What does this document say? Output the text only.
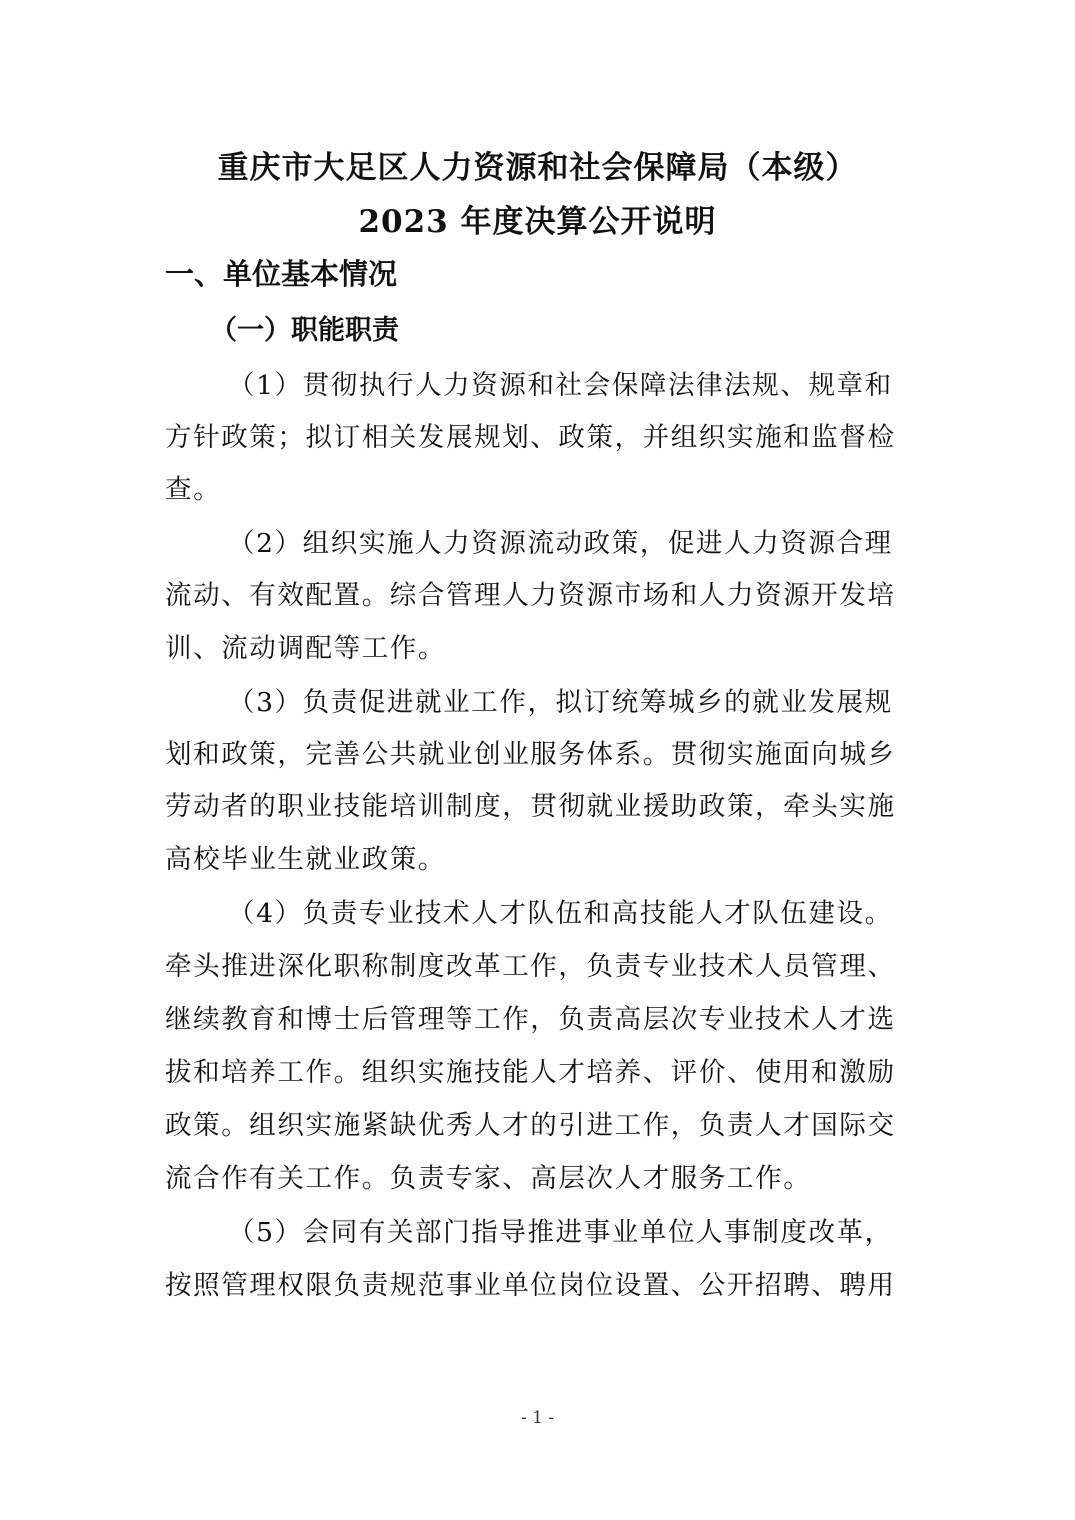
重庆市大足区人力资源和社会保障局（本级）
2023 年度决算公开说明
一、单位基本情况
（一）职能职责
（1）贯彻执行人力资源和社会保障法律法规、规章和
方针政策；拟订相关发展规划、政策，并组织实施和监督检
查。
（2）组织实施人力资源流动政策，促进人力资源合理
流动、有效配置。综合管理人力资源市场和人力资源开发培
训、流动调配等工作。
（3）负责促进就业工作，拟订统筹城乡的就业发展规
划和政策，完善公共就业创业服务体系。贯彻实施面向城乡
劳动者的职业技能培训制度，贯彻就业援助政策，牵头实施
高校毕业生就业政策。
（4）负责专业技术人才队伍和高技能人才队伍建设。
牵头推进深化职称制度改革工作，负责专业技术人员管理、
继续教育和博士后管理等工作，负责高层次专业技术人才选
拔和培养工作。组织实施技能人才培养、评价、使用和激励
政策。组织实施紧缺优秀人才的引进工作，负责人才国际交
流合作有关工作。负责专家、高层次人才服务工作。
（5）会同有关部门指导推进事业单位人事制度改革，
按照管理权限负责规范事业单位岗位设置、公开招聘、聘用
- 1 -
